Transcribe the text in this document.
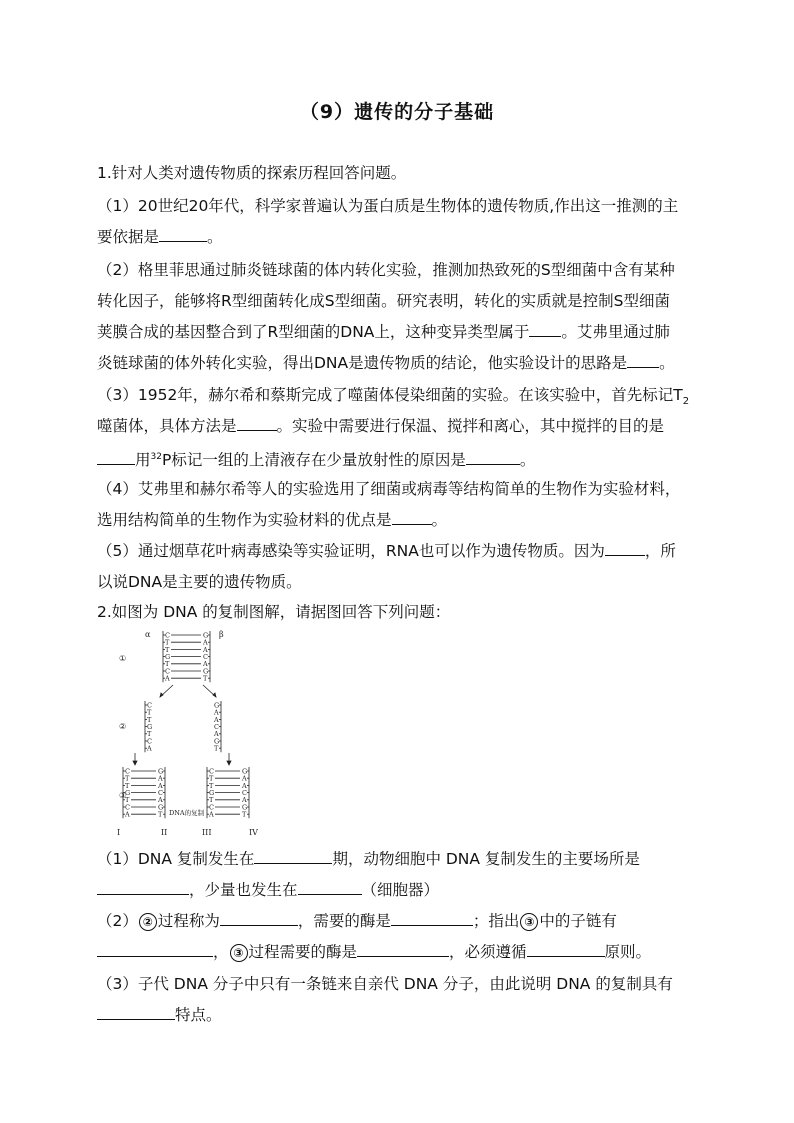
（9）遗传的分子基础
1.针对人类对遗传物质的探索历程回答问题。
（1）20世纪20年代，科学家普遍认为蛋白质是生物体的遗传物质,作出这一推测的主
要依据是	。
（2）格里菲思通过肺炎链球菌的体内转化实验，推测加热致死的S型细菌中含有某种
转化因子，能够将R型细菌转化成S型细菌。研究表明，转化的实质就是控制S型细菌
荚膜合成的基因整合到了R型细菌的DNA上，这种变异类型属于 。艾弗里通过肺
炎链球菌的体外转化实验，得出DNA是遗传物质的结论，他实验设计的思路是 。
（3）1952年，赫尔希和蔡斯完成了噬菌体侵染细菌的实验。在该实验中，首先标记$T_2$
噬菌体，具体方法是	。实验中需要进行保温、搅拌和离心，其中搅拌的目的是
用$^{32}$P标记一组的上清液存在少量放射性的原因是	。
（4）艾弗里和赫尔希等人的实验选用了细菌或病毒等结构简单的生物作为实验材料，
选用结构简单的生物作为实验材料的优点是	。
（5）通过烟草花叶病毒感染等实验证明，RNA也可以作为遗传物质。因为	，所
以说DNA是主要的遗传物质。
2.如图为 DNA 的复制图解，请据图回答下列问题：
①
②
③
α	β
DNA的复制
I	II	III	IV
C
T
T
G
T
C
A
G
A
A
C
A
G
T
C
T
T
G
T
C
A
G
A
A
C
A
G
T
C
T
T
G
T
C
A
G
A
A
C
A
G
T
C
T
T
G
T
C
A
G
A
A
C
A
G
T
（1）DNA 复制发生在	期，动物细胞中 DNA 复制发生的主要场所是
，少量也发生在	（细胞器）
（2） ② 过程称为	，需要的酶是	；指出 ③ 中的子链有
， ③ 过程需要的酶是	，必须遵循	原则。
（3）子代 DNA 分子中只有一条链来自亲代 DNA 分子，由此说明 DNA 的复制具有
特点。
